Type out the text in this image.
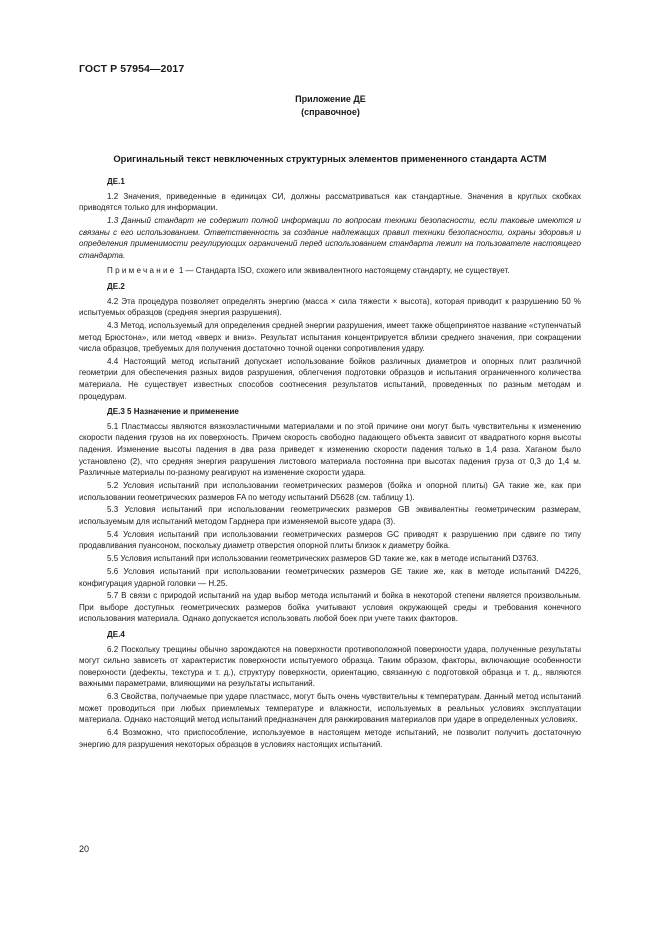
ГОСТ Р 57954—2017
Приложение ДЕ
(справочное)
Оригинальный текст невключенных структурных элементов примененного стандарта АСТМ
ДЕ.1

1.2 Значения, приведенные в единицах СИ, должны рассматриваться как стандартные. Значения в круглых скобках приводятся только для информации.

1.3 Данный стандарт не содержит полной информации по вопросам техники безопасности, если таковые имеются и связаны с его использованием. Ответственность за создание надлежащих правил техники безопасности, охраны здоровья и определения применимости регулирующих ограничений перед использованием стандарта лежит на пользователе настоящего стандарта.

Примечание 1 — Стандарта ISO, схожего или эквивалентного настоящему стандарту, не существует.

ДЕ.2

4.2 Эта процедура позволяет определять энергию (масса × сила тяжести × высота), которая приводит к разрушению 50 % испытуемых образцов (средняя энергия разрушения).

4.3 Метод, используемый для определения средней энергии разрушения, имеет также общепринятое название «ступенчатый метод Брюстона», или метод «вверх и вниз». Результат испытания концентрируется вблизи среднего значения, при сокращении числа образцов, требуемых для получения достаточно точной оценки сопротивления удару.

4.4 Настоящий метод испытаний допускает использование бойков различных диаметров и опорных плит различной геометрии для обеспечения разных видов разрушения, облегчения подготовки образцов и испытания ограниченного количества материала. Не существует известных способов соотнесения результатов испытаний, проведенных по разным методам и процедурам.

ДЕ.3 5 Назначение и применение

5.1 Пластмассы являются вязкоэластичными материалами и по этой причине они могут быть чувствительны к изменению скорости падения грузов на их поверхность. Причем скорость свободно падающего объекта зависит от квадратного корня высоты падения. Изменение высоты падения в два раза приведет к изменению скорости падения только в 1,4 раза. Хаганом было установлено (2), что средняя энергия разрушения листового материала постоянна при высотах падения груза от 0,3 до 1,4 м. Различные материалы по-разному реагируют на изменение скорости удара.

5.2 Условия испытаний при использовании геометрических размеров (бойка и опорной плиты) GA такие же, как при использовании геометрических размеров FA по методу испытаний D5628 (см. таблицу 1).

5.3 Условия испытаний при использовании геометрических размеров GB эквивалентны геометрическим размерам, используемым для испытаний методом Гарднера при изменяемой высоте удара (3).

5.4 Условия испытаний при использовании геометрических размеров GC приводят к разрушению при сдвиге по типу продавливания пуансоном, поскольку диаметр отверстия опорной плиты близок к диаметру бойка.

5.5 Условия испытаний при использовании геометрических размеров GD такие же, как в методе испытаний D3763.

5.6 Условия испытаний при использовании геометрических размеров GE такие же, как в методе испытаний D4226, конфигурация ударной головки — H.25.

5.7 В связи с природой испытаний на удар выбор метода испытаний и бойка в некоторой степени является произвольным. При выборе доступных геометрических размеров бойка учитывают условия окружающей среды и требования конечного использования материала. Однако допускается использовать любой боек при учете таких факторов.

ДЕ.4

6.2 Поскольку трещины обычно зарождаются на поверхности противоположной поверхности удара, полученные результаты могут сильно зависеть от характеристик поверхности испытуемого образца. Таким образом, факторы, включающие особенности поверхности (дефекты, текстура и т. д.), структуру поверхности, ориентацию, связанную с подготовкой образца и т. д., являются важными параметрами, влияющими на результаты испытаний.

6.3 Свойства, получаемые при ударе пластмасс, могут быть очень чувствительны к температурам. Данный метод испытаний может проводиться при любых приемлемых температуре и влажности, используемых в реальных условиях эксплуатации материала. Однако настоящий метод испытаний предназначен для ранжирования материалов при ударе в определенных условиях.

6.4 Возможно, что приспособление, используемое в настоящем методе испытаний, не позволит получить достаточную энергию для разрушения некоторых образцов в условиях настоящих испытаний.

20
